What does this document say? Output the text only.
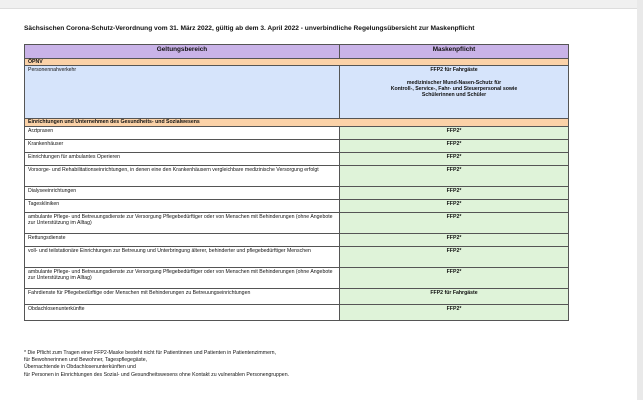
Sächsischen Corona-Schutz-Verordnung vom 31. März 2022, gültig ab dem 3. April 2022 - unverbindliche Regelungsübersicht zur Maskenpflicht
Geltungsbereich	Maskenpflicht
ÖPNV	
Personennahverkehr	FFP2 für Fahrgäste
medizinischer Mund-Nasen-Schutz für
Kontroll-, Service-, Fahr- und Steuerpersonal sowie
Schülerinnen und Schüler

Einrichtungen und Unternehmen des Gesundheits- und Sozialwesens	
Arztpraxen	FFP2*
Krankenhäuser	FFP2*
Einrichtungen für ambulantes Operieren	FFP2*
Vorsorge- und Rehabilitationseinrichtungen, in denen eine den Krankenhäusern vergleichbare medizinische Versorgung erfolgt	FFP2*
Dialyseeinrichtungen	FFP2*
Tageskliniken	FFP2*
ambulante Pflege- und Betreuungsdienste zur Versorgung Pflegebedürftiger oder von Menschen mit Behinderungen (ohne Angebote zur Unterstützung im Alltag)	FFP2*
Rettungsdienste	FFP2*
voll- und teilstationäre Einrichtungen zur Betreuung und Unterbringung älterer, behinderter und pflegebedürftiger Menschen	FFP2*
ambulante Pflege- und Betreuungsdienste zur Versorgung Pflegebedürftiger oder von Menschen mit Behinderungen (ohne Angebote zur Unterstützung im Alltag)	FFP2*
Fahrdienste für Pflegebedürftige oder Menschen mit Behinderungen zu Betreuungseinrichtungen	FFP2 für Fahrgäste
Obdachlosenunterkünfte	FFP2*
* Die Pflicht zum Tragen einer FFP2-Maske besteht nicht für Patientinnen und Patienten in Patientenzimmern,
für Bewohnerinnen und Bewohner, Tagespflegegäste,
Übernachtende in Obdachlosenunterkünften und
für Personen in Einrichtungen des Sozial- und Gesundheitswesens ohne Kontakt zu vulnerablen Personengruppen.
